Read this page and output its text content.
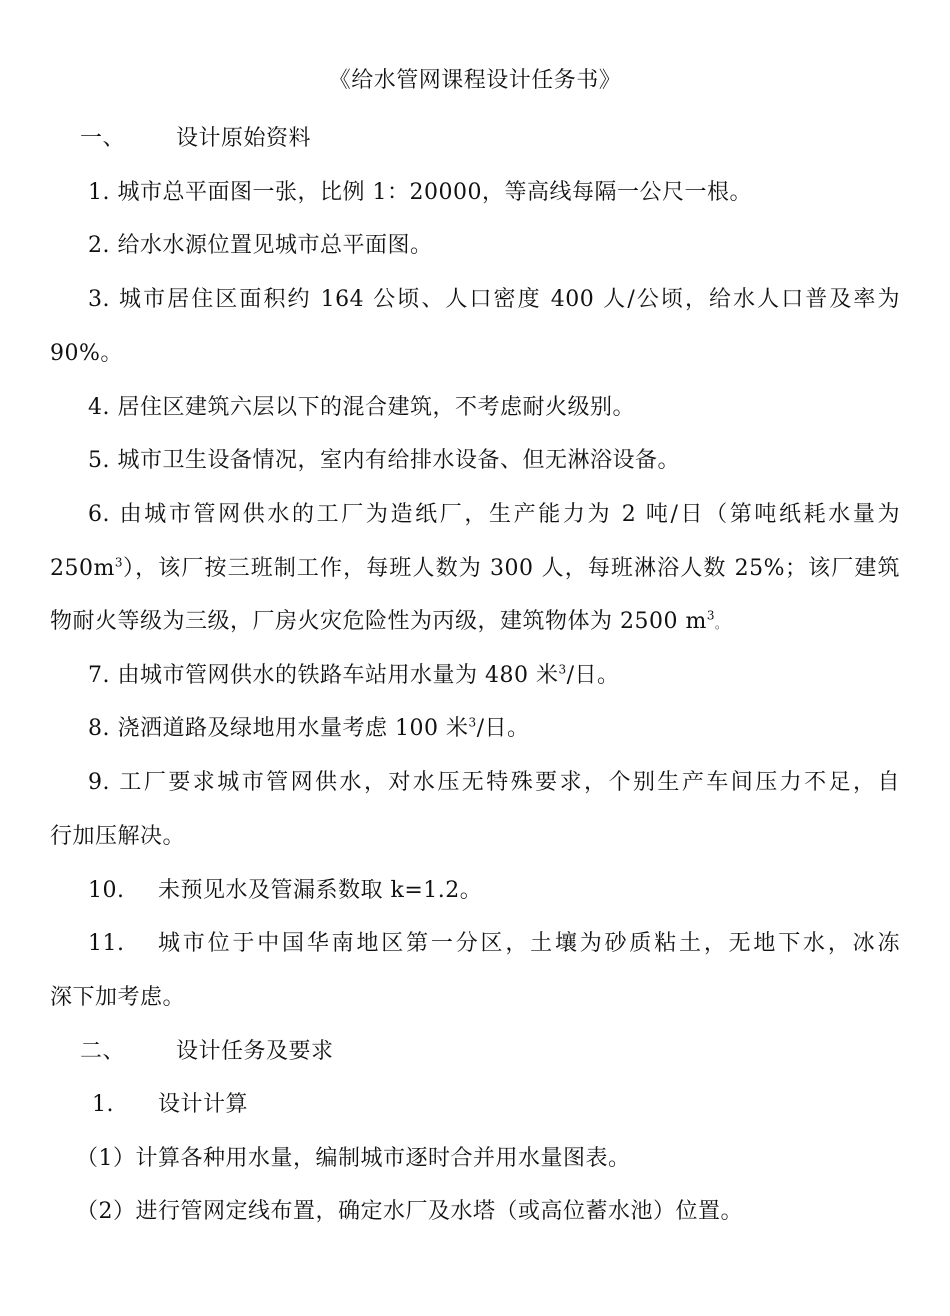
《给水管网课程设计任务书》
一、 设计原始资料
1. 城市总平面图一张，比例 1：20000，等高线每隔一公尺一根。
2. 给水水源位置见城市总平面图。
3. 城市居住区面积约 164 公顷、人口密度 400 人/公顷，给水人口普及率为
90%。
4. 居住区建筑六层以下的混合建筑，不考虑耐火级别。
5. 城市卫生设备情况，室内有给排水设备、但无淋浴设备。
6. 由城市管网供水的工厂为造纸厂，生产能力为 2 吨/日（第吨纸耗水量为
$250m^3$ ），该厂按三班制工作，每班人数为 300 人，每班淋浴人数 25%；该厂建筑
物耐火等级为三级，厂房火灾危险性为丙级，建筑物体为 2500 $m^3$。
7. 由城市管网供水的铁路车站用水量为 480 米$^3$/日。
8. 浇洒道路及绿地用水量考虑 100 米$^3$/日。
9. 工厂要求城市管网供水，对水压无特殊要求，个别生产车间压力不足，自
行加压解决。
10. 未预见水及管漏系数取 k=1.2。
11.	城市位于中国华南地区第一分区，土壤为砂质粘土，无地下水，冰冻
深下加考虑。
二、 设计任务及要求
1. 设计计算
（1）计算各种用水量，编制城市逐时合并用水量图表。
（2）进行管网定线布置，确定水厂及水塔（或高位蓄水池）位置。
